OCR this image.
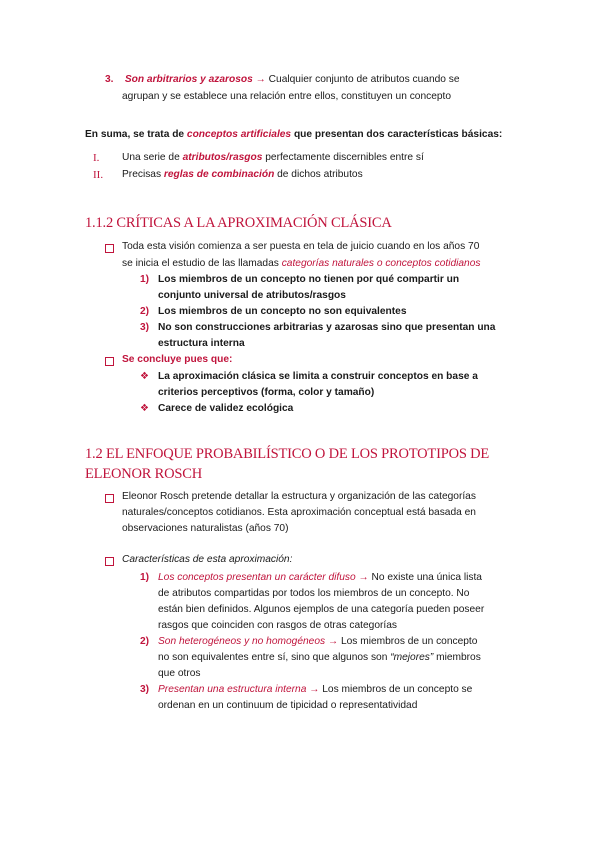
3. Son arbitrarios y azarosos → Cualquier conjunto de atributos cuando se
agrupan y se establece una relación entre ellos, constituyen un concepto
En suma, se trata de conceptos artificiales que presentan dos características básicas:
I.	Una serie de atributos/rasgos perfectamente discernibles entre sí
II.	Precisas reglas de combinación de dichos atributos
1.1.2 CRÍTICAS A LA APROXIMACIÓN CLÁSICA
Toda esta visión comienza a ser puesta en tela de juicio cuando en los años 70
se inicia el estudio de las llamadas categorías naturales o conceptos cotidianos
1) Los miembros de un concepto no tienen por qué compartir un
conjunto universal de atributos/rasgos
2) Los miembros de un concepto no son equivalentes
3) No son construcciones arbitrarias y azarosas sino que presentan una
estructura interna
Se concluye pues que:
❖ La aproximación clásica se limita a construir conceptos en base a
criterios perceptivos (forma, color y tamaño)
❖ Carece de validez ecológica
1.2 EL ENFOQUE PROBABILÍSTICO O DE LOS PROTOTIPOS DE
ELEONOR ROSCH
Eleonor Rosch pretende detallar la estructura y organización de las categorías
naturales/conceptos cotidianos. Esta aproximación conceptual está basada en
observaciones naturalistas (años 70)
Características de esta aproximación:
1) Los conceptos presentan un carácter difuso → No existe una única lista
de atributos compartidas por todos los miembros de un concepto. No
están bien definidos. Algunos ejemplos de una categoría pueden poseer
rasgos que coinciden con rasgos de otras categorías
2) Son heterogéneos y no homogéneos → Los miembros de un concepto
no son equivalentes entre sí, sino que algunos son “mejores” miembros
que otros
3) Presentan una estructura interna → Los miembros de un concepto se
ordenan en un continuum de tipicidad o representatividad
